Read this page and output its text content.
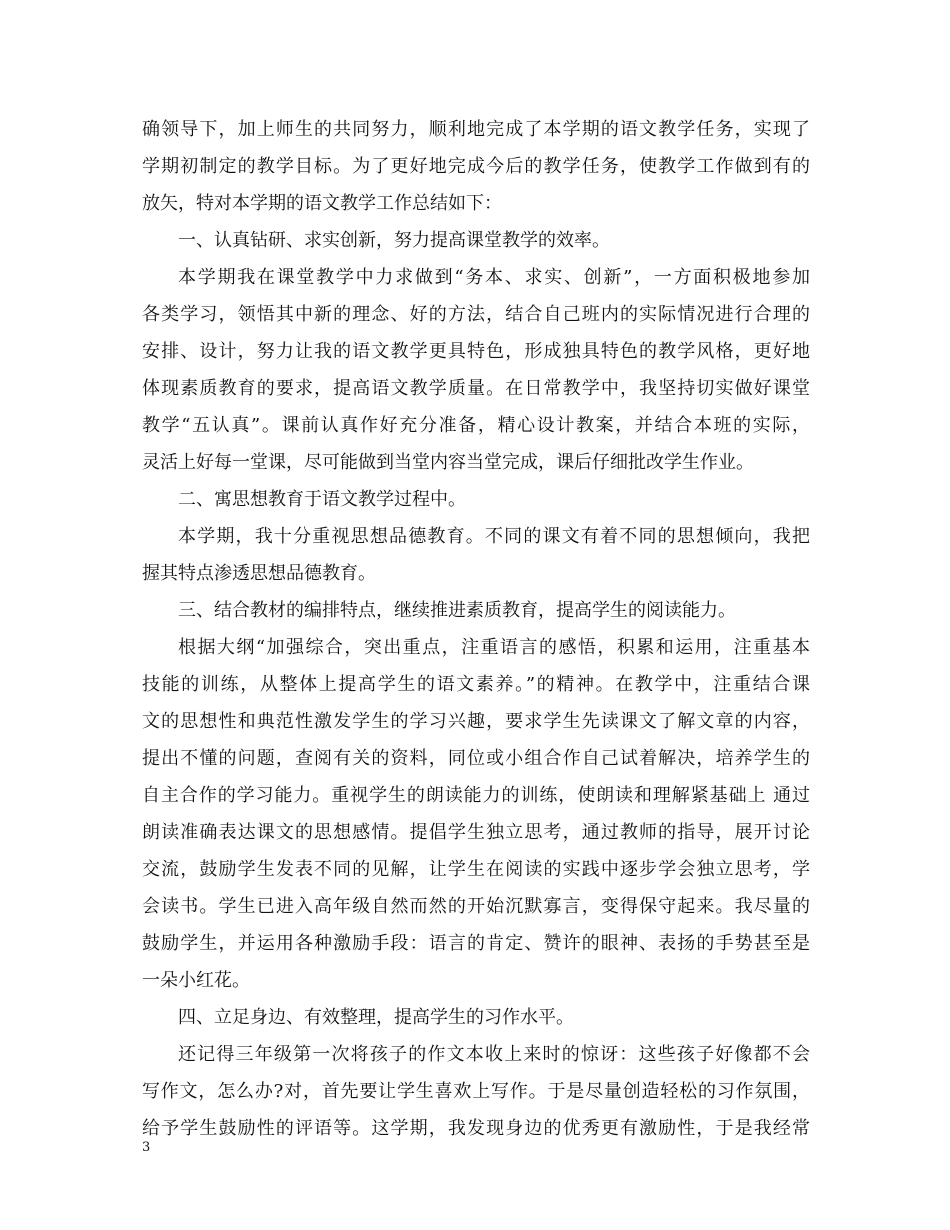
确领导下，加上师生的共同努力，顺利地完成了本学期的语文教学任务，实现了
学期初制定的教学目标。为了更好地完成今后的教学任务，使教学工作做到有的
放矢，特对本学期的语文教学工作总结如下：
一、认真钻研、求实创新，努力提高课堂教学的效率。
本学期我在课堂教学中力求做到“务本、求实、创新”，一方面积极地参加
各类学习，领悟其中新的理念、好的方法，结合自己班内的实际情况进行合理的
安排、设计，努力让我的语文教学更具特色，形成独具特色的教学风格，更好地
体现素质教育的要求，提高语文教学质量。在日常教学中，我坚持切实做好课堂
教学“五认真”。课前认真作好充分准备，精心设计教案，并结合本班的实际，
灵活上好每一堂课，尽可能做到当堂内容当堂完成，课后仔细批改学生作业。
二、寓思想教育于语文教学过程中。
本学期，我十分重视思想品德教育。不同的课文有着不同的思想倾向，我把
握其特点渗透思想品德教育。
三、结合教材的编排特点，继续推进素质教育，提高学生的阅读能力。
根据大纲“加强综合，突出重点，注重语言的感悟，积累和运用，注重基本
技能的训练，从整体上提高学生的语文素养。”的精神。在教学中，注重结合课
文的思想性和典范性激发学生的学习兴趣，要求学生先读课文了解文章的内容，
提出不懂的问题，查阅有关的资料，同位或小组合作自己试着解决，培养学生的
自主合作的学习能力。重视学生的朗读能力的训练，使朗读和理解紧基础上 通过
朗读准确表达课文的思想感情。提倡学生独立思考，通过教师的指导，展开讨论
交流，鼓励学生发表不同的见解，让学生在阅读的实践中逐步学会独立思考，学
会读书。学生已进入高年级自然而然的开始沉默寡言，变得保守起来。我尽量的
鼓励学生，并运用各种激励手段：语言的肯定、赞许的眼神、表扬的手势甚至是
一朵小红花。
四、立足身边、有效整理，提高学生的习作水平。
还记得三年级第一次将孩子的作文本收上来时的惊讶：这些孩子好像都不会
写作文，怎么办?对，首先要让学生喜欢上写作。于是尽量创造轻松的习作氛围，
给予学生鼓励性的评语等。这学期，我发现身边的优秀更有激励性，于是我经常
3
